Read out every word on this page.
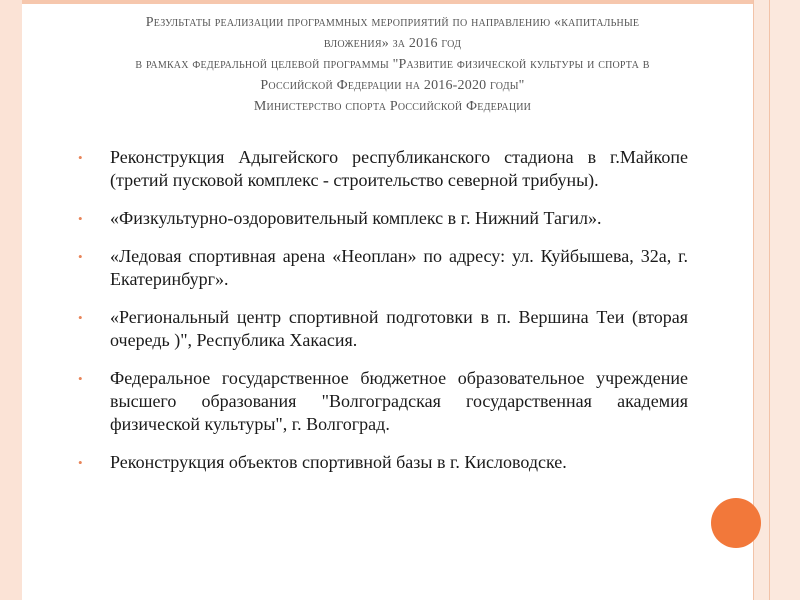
Результаты реализации программных мероприятий по направлению «капитальные
вложения» за 2016 год
в рамках федеральной целевой программы "Развитие физической культуры и спорта в
Российской Федерации на 2016-2020 годы"
Министерство спорта Российской Федерации
• Реконструкция Адыгейского республиканского стадиона в г.Майкопе (третий пусковой комплекс - строительство северной трибуны).
• «Физкультурно-оздоровительный комплекс в г. Нижний Тагил».
• «Ледовая спортивная арена «Неоплан» по адресу: ул. Куйбышева, 32а, г. Екатеринбург».
• «Региональный центр спортивной подготовки в п. Вершина Теи (вторая очередь )", Республика Хакасия.
• Федеральное государственное бюджетное образовательное учреждение высшего образования "Волгоградская государственная академия физической культуры", г. Волгоград.
• Реконструкция объектов спортивной базы в г. Кисловодске.
